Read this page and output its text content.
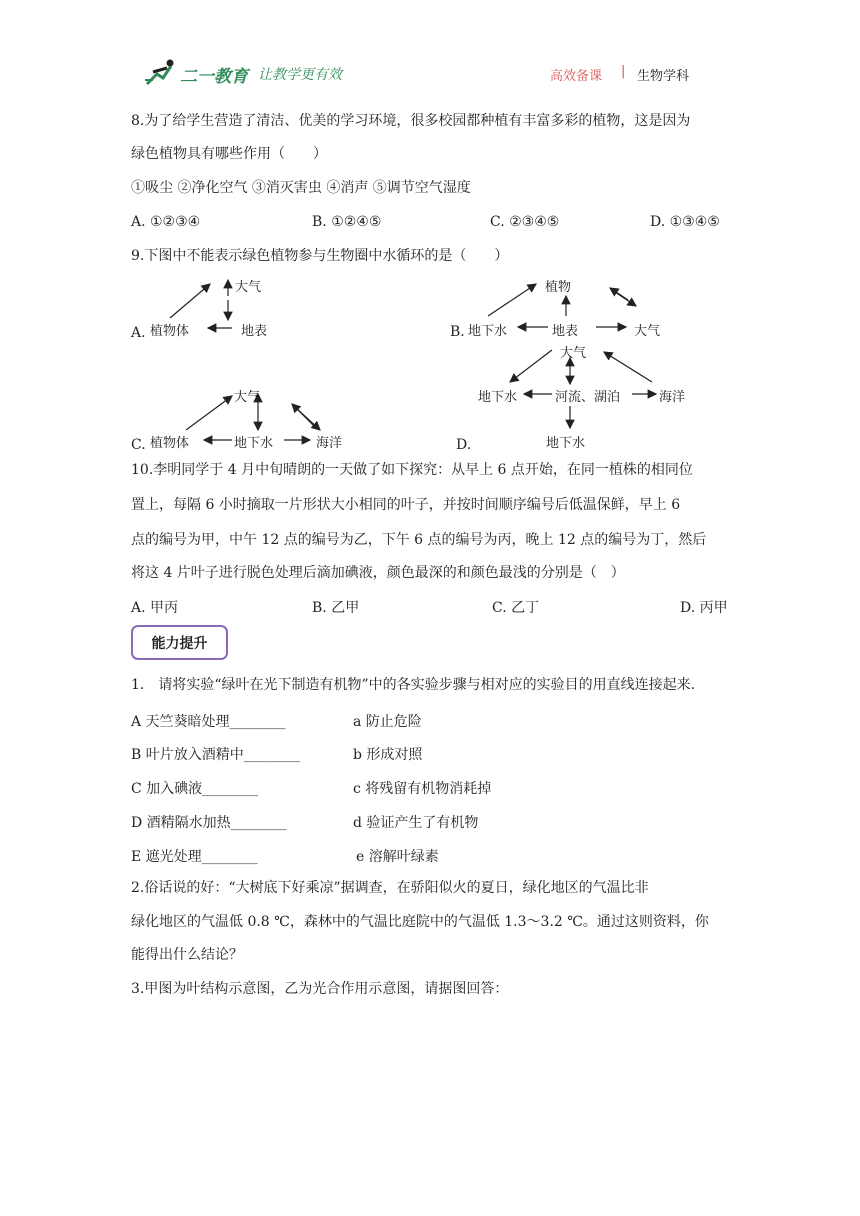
二一教育 让教学更有效	高效备课 | 生物学科
8.为了给学生营造了清洁、优美的学习环境，很多校园都种植有丰富多彩的植物，这是因为
绿色植物具有哪些作用（　　）
①吸尘 ②净化空气 ③消灭害虫 ④消声 ⑤调节空气湿度
A. ①②③④	B. ①②④⑤	C. ②③④⑤	D. ①③④⑤
9.下图中不能表示绿色植物参与生物圈中水循环的是（　　）
A.
大气
植物体	地表	B.
植物
地下水	地表	大气
C.
大气
植物体	地下水	海洋	D.
大气
地下水	河流、湖泊	海洋
地下水
10.李明同学于 4 月中旬晴朗的一天做了如下探究：从早上 6 点开始，在同一植株的相同位
置上，每隔 6 小时摘取一片形状大小相同的叶子，并按时间顺序编号后低温保鲜，早上 6
点的编号为甲，中午 12 点的编号为乙，下午 6 点的编号为丙，晚上 12 点的编号为丁，然后
将这 4 片叶子进行脱色处理后滴加碘液，颜色最深的和颜色最浅的分别是（　）
A. 甲丙	B. 乙甲	C. 乙丁	D. 丙甲
能力提升
1.　请将实验“绿叶在光下制造有机物”中的各实验步骤与相对应的实验目的用直线连接起来.
A 天竺葵暗处理________
B 叶片放入酒精中________
C 加入碘液________
D 酒精隔水加热________
E 遮光处理________
a 防止危险
b 形成对照
c 将残留有机物消耗掉
d 验证产生了有机物
e 溶解叶绿素
2.俗话说的好：“大树底下好乘凉”据调查，在骄阳似火的夏日，绿化地区的气温比非
绿化地区的气温低 0.8 ℃，森林中的气温比庭院中的气温低 1.3～3.2 ℃。通过这则资料，你
能得出什么结论？
3.甲图为叶结构示意图，乙为光合作用示意图，请据图回答：
